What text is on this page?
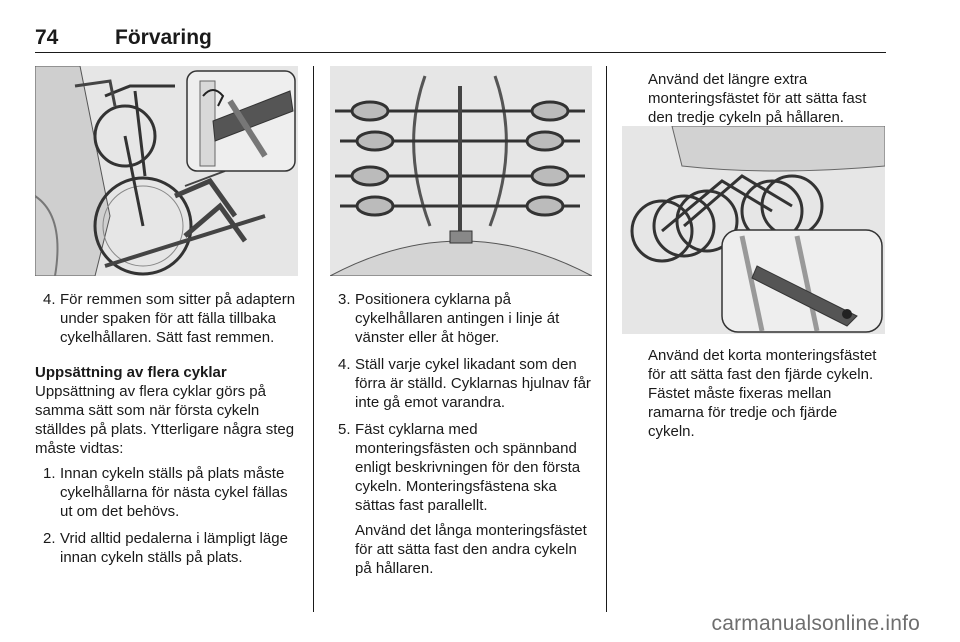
74	Förvaring
4. För remmen som sitter på adaptern under spaken för att fälla tillbaka cykelhållaren. Sätt fast remmen.
Uppsättning av flera cyklar

Uppsättning av flera cyklar görs på samma sätt som när första cykeln ställdes på plats. Ytterligare några steg måste vidtas:

1. Innan cykeln ställs på plats måste cykelhållarna för nästa cykel fällas ut om det behövs.
2. Vrid alltid pedalerna i lämpligt läge innan cykeln ställs på plats.
3. Positionera cyklarna på cykelhållaren antingen i linje át vänster eller åt höger.
4. Ställ varje cykel likadant som den förra är ställd. Cyklarnas hjulnav får inte gå emot varandra.
5. Fäst cyklarna med monteringsfästen och spännband enligt beskrivningen för den första cykeln. Monteringsfästena ska sättas fast parallellt.

Använd det långa monteringsfästet för att sätta fast den andra cykeln på hållaren.

Använd det längre extra monteringsfästet för att sätta fast den tredje cykeln på hållaren.

Använd det korta monteringsfästet för att sätta fast den fjärde cykeln. Fästet måste fixeras mellan ramarna för tredje och fjärde cykeln.

carmanualsonline.info
